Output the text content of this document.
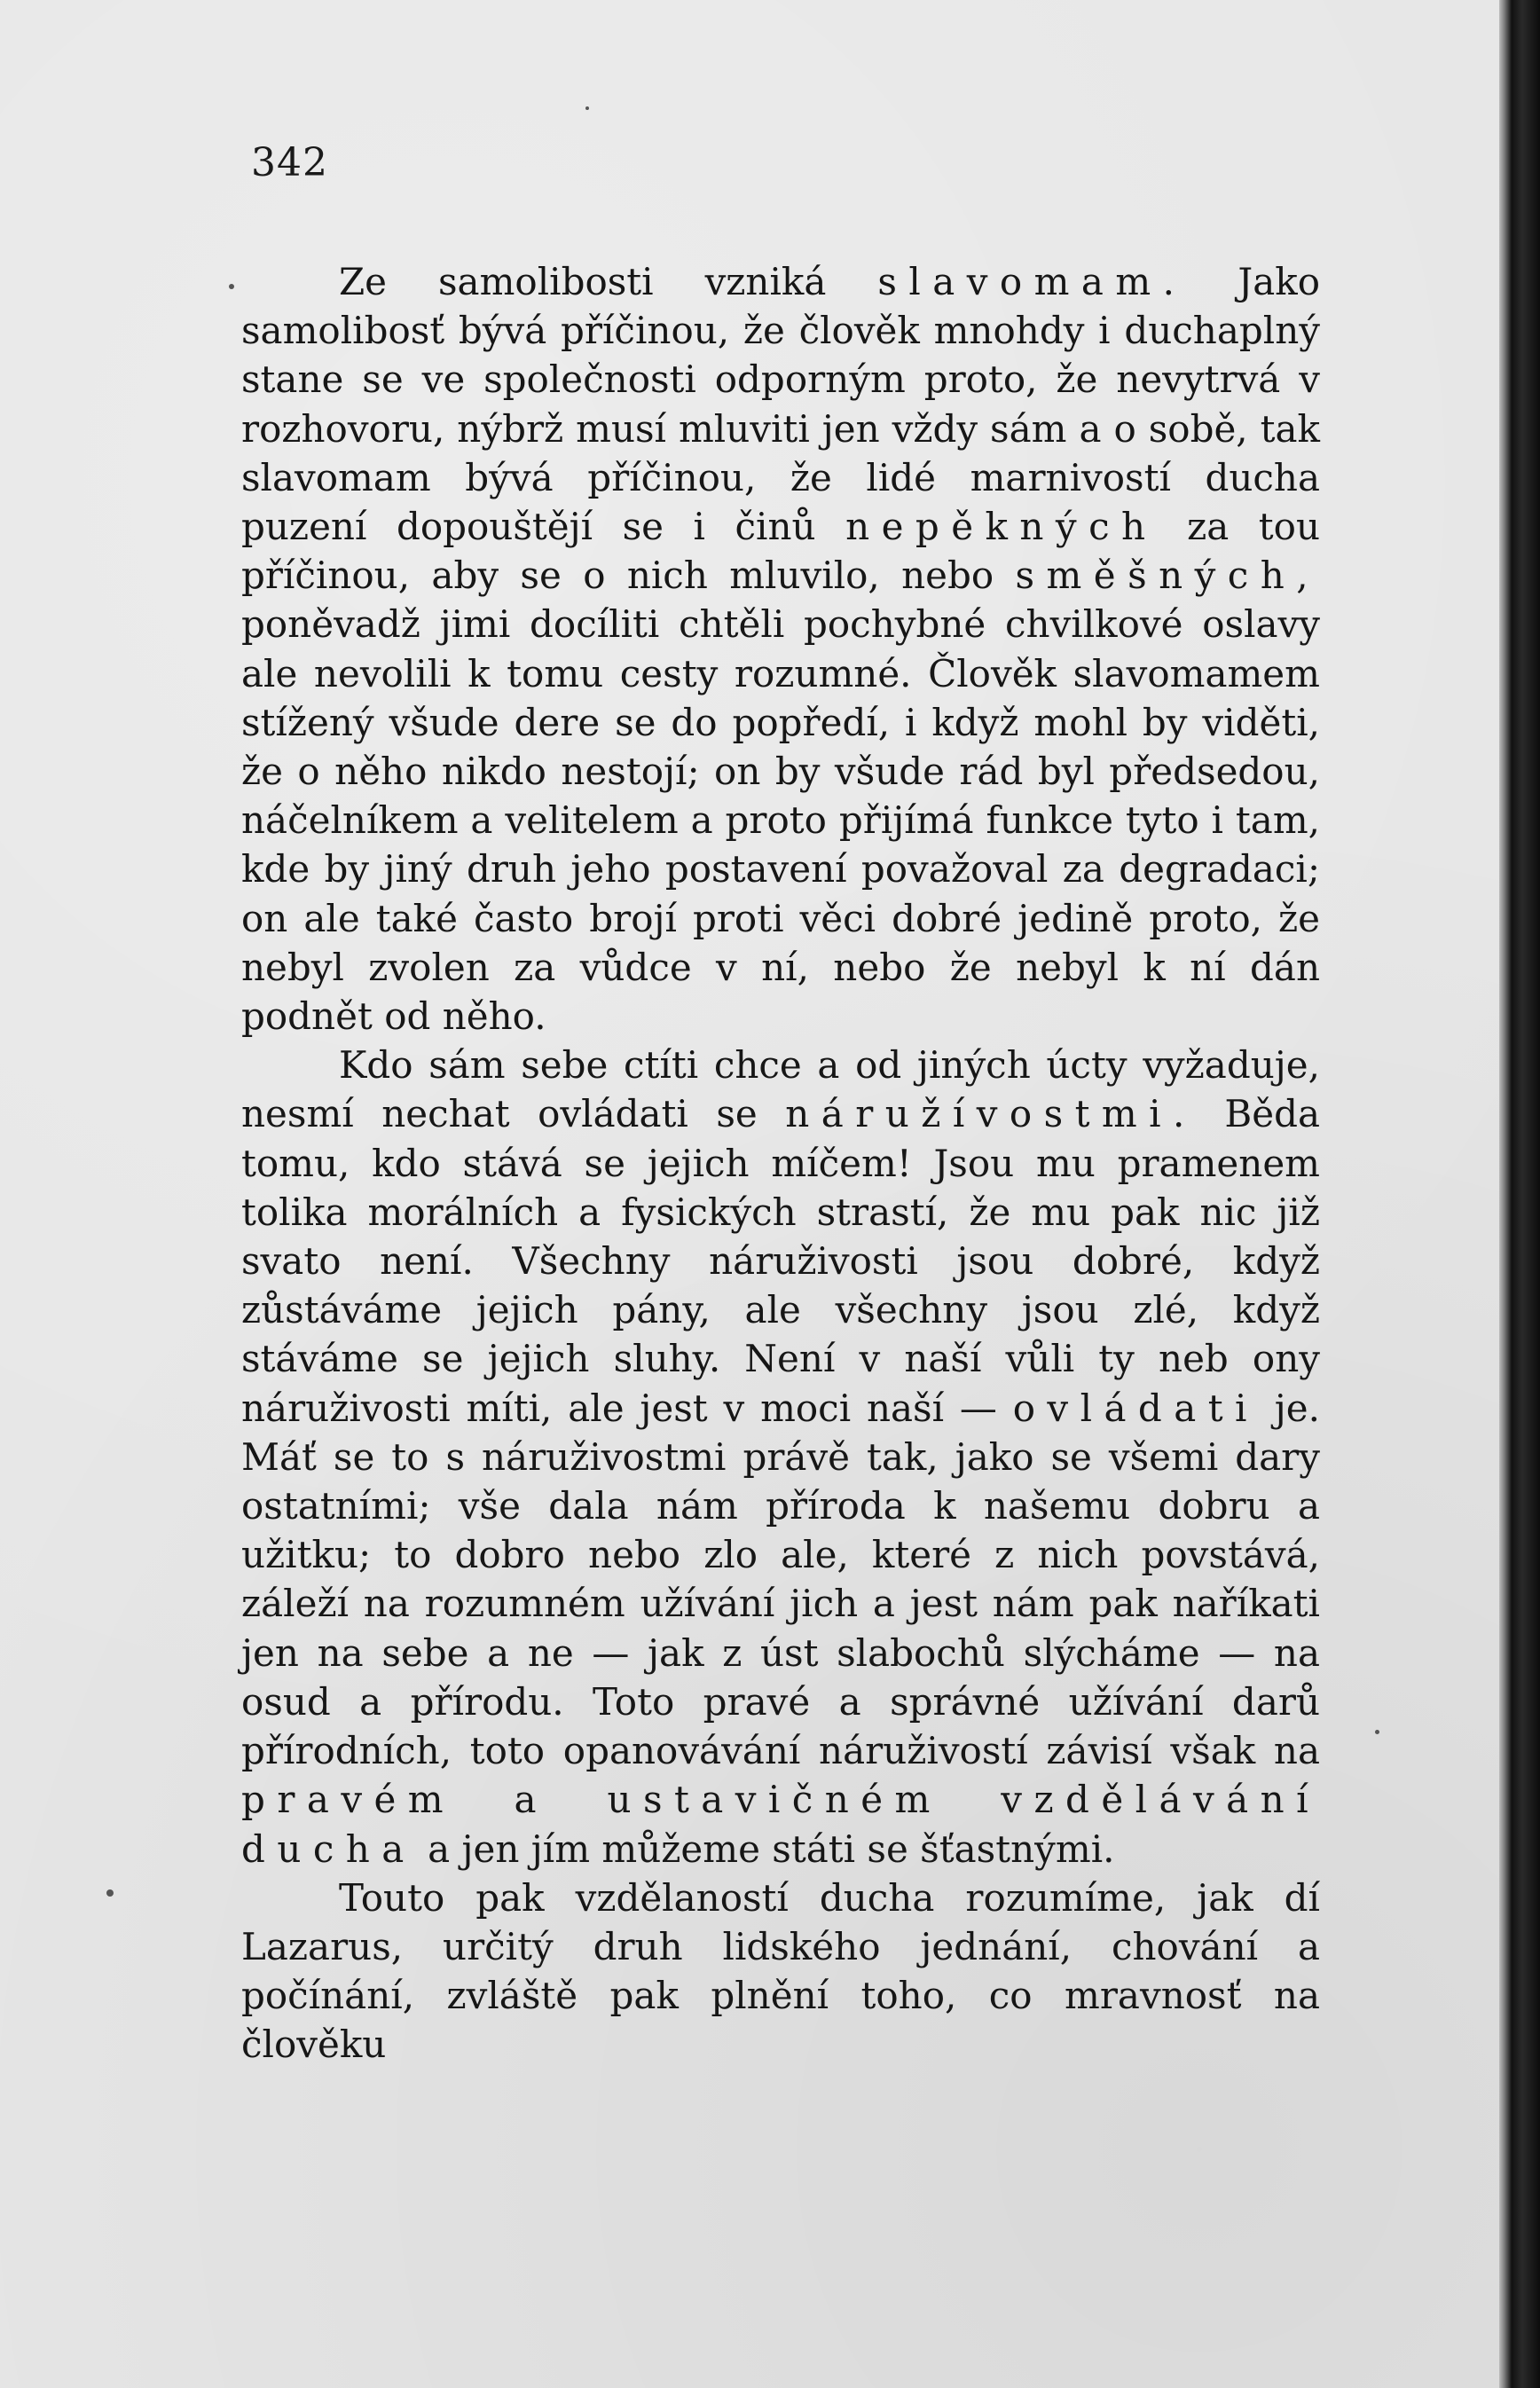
342

Ze samolibosti vzniká slavomam. Jako samolibosť bývá příčinou, že člověk mnohdy i duchaplný stane se ve společnosti odporným proto, že nevytrvá v rozhovoru, nýbrž musí mluviti jen vždy sám a o sobě, tak slavomam bývá příčinou, že lidé marnivostí ducha puzení dopouštějí se i činů nepěkných za tou příčinou, aby se o nich mluvilo, nebo směšných, poněvadž jimi docíliti chtěli pochybné chvilkové oslavy ale nevolili k tomu cesty rozumné. Člověk slavomamem stížený všude dere se do popředí, i když mohl by viděti, že o něho nikdo nestojí; on by všude rád byl předsedou, náčelníkem a velitelem a proto přijímá funkce tyto i tam, kde by jiný druh jeho postavení považoval za degradaci; on ale také často brojí proti věci dobré jedině proto, že nebyl zvolen za vůdce v ní, nebo že nebyl k ní dán podnět od něho.

Kdo sám sebe ctíti chce a od jiných úcty vyžaduje, nesmí nechat ovládati se náružívostmi. Běda tomu, kdo stává se jejich míčem! Jsou mu pramenem tolika morálních a fysických strastí, že mu pak nic již svato není. Všechny náruživosti jsou dobré, když zůstáváme jejich pány, ale všechny jsou zlé, když stáváme se jejich sluhy. Není v naší vůli ty neb ony náruživosti míti, ale jest v moci naší — ovládati je. Máť se to s náruživostmi právě tak, jako se všemi dary ostatními; vše dala nám příroda k našemu dobru a užitku; to dobro nebo zlo ale, které z nich povstává, záleží na rozumném užívání jich a jest nám pak naříkati jen na sebe a ne — jak z úst slabochů slýcháme — na osud a přírodu. Toto pravé a správné užívání darů přírodních, toto opanovávání náruživostí závisí však na pravém a ustavičném vzdělávání ducha a jen jím můžeme státi se šťastnými.

Touto pak vzdělaností ducha rozumíme, jak dí Lazarus, určitý druh lidského jednání, chování a počínání, zvláště pak plnění toho, co mravnosť na člověku
